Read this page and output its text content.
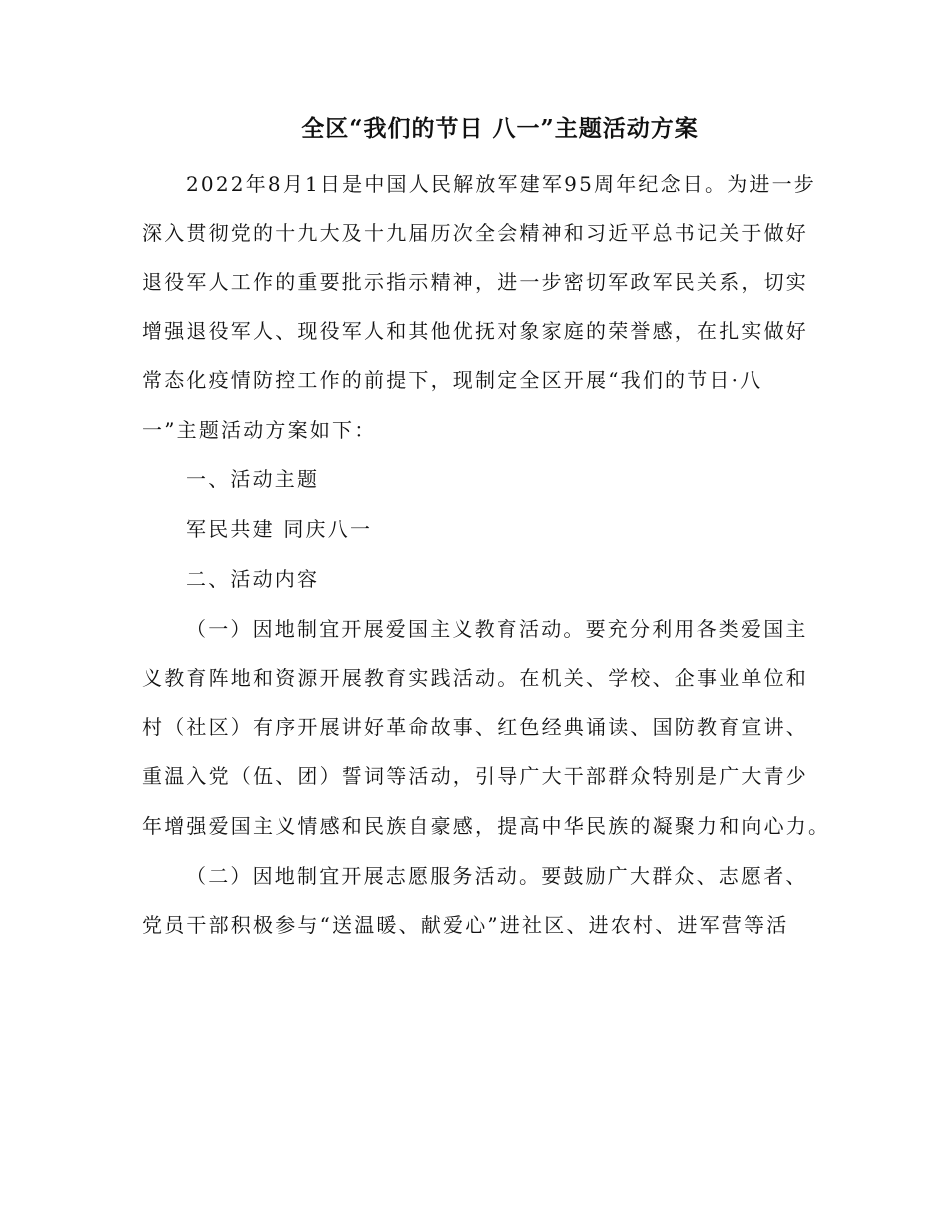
全区“我们的节日 八一”主题活动方案
2022年8月1日是中国人民解放军建军95周年纪念日。为进一步
深入贯彻党的十九大及十九届历次全会精神和习近平总书记关于做好
退役军人工作的重要批示指示精神，进一步密切军政军民关系，切实
增强退役军人、现役军人和其他优抚对象家庭的荣誉感，在扎实做好
常态化疫情防控工作的前提下，现制定全区开展“我们的节日·八
一”主题活动方案如下：
一、活动主题
军民共建 同庆八一
二、活动内容
（一）因地制宜开展爱国主义教育活动。要充分利用各类爱国主
义教育阵地和资源开展教育实践活动。在机关、学校、企事业单位和
村（社区）有序开展讲好革命故事、红色经典诵读、国防教育宣讲、
重温入党（伍、团）誓词等活动，引导广大干部群众特别是广大青少
年增强爱国主义情感和民族自豪感，提高中华民族的凝聚力和向心力。
（二）因地制宜开展志愿服务活动。要鼓励广大群众、志愿者、
党员干部积极参与“送温暖、献爱心”进社区、进农村、进军营等活
